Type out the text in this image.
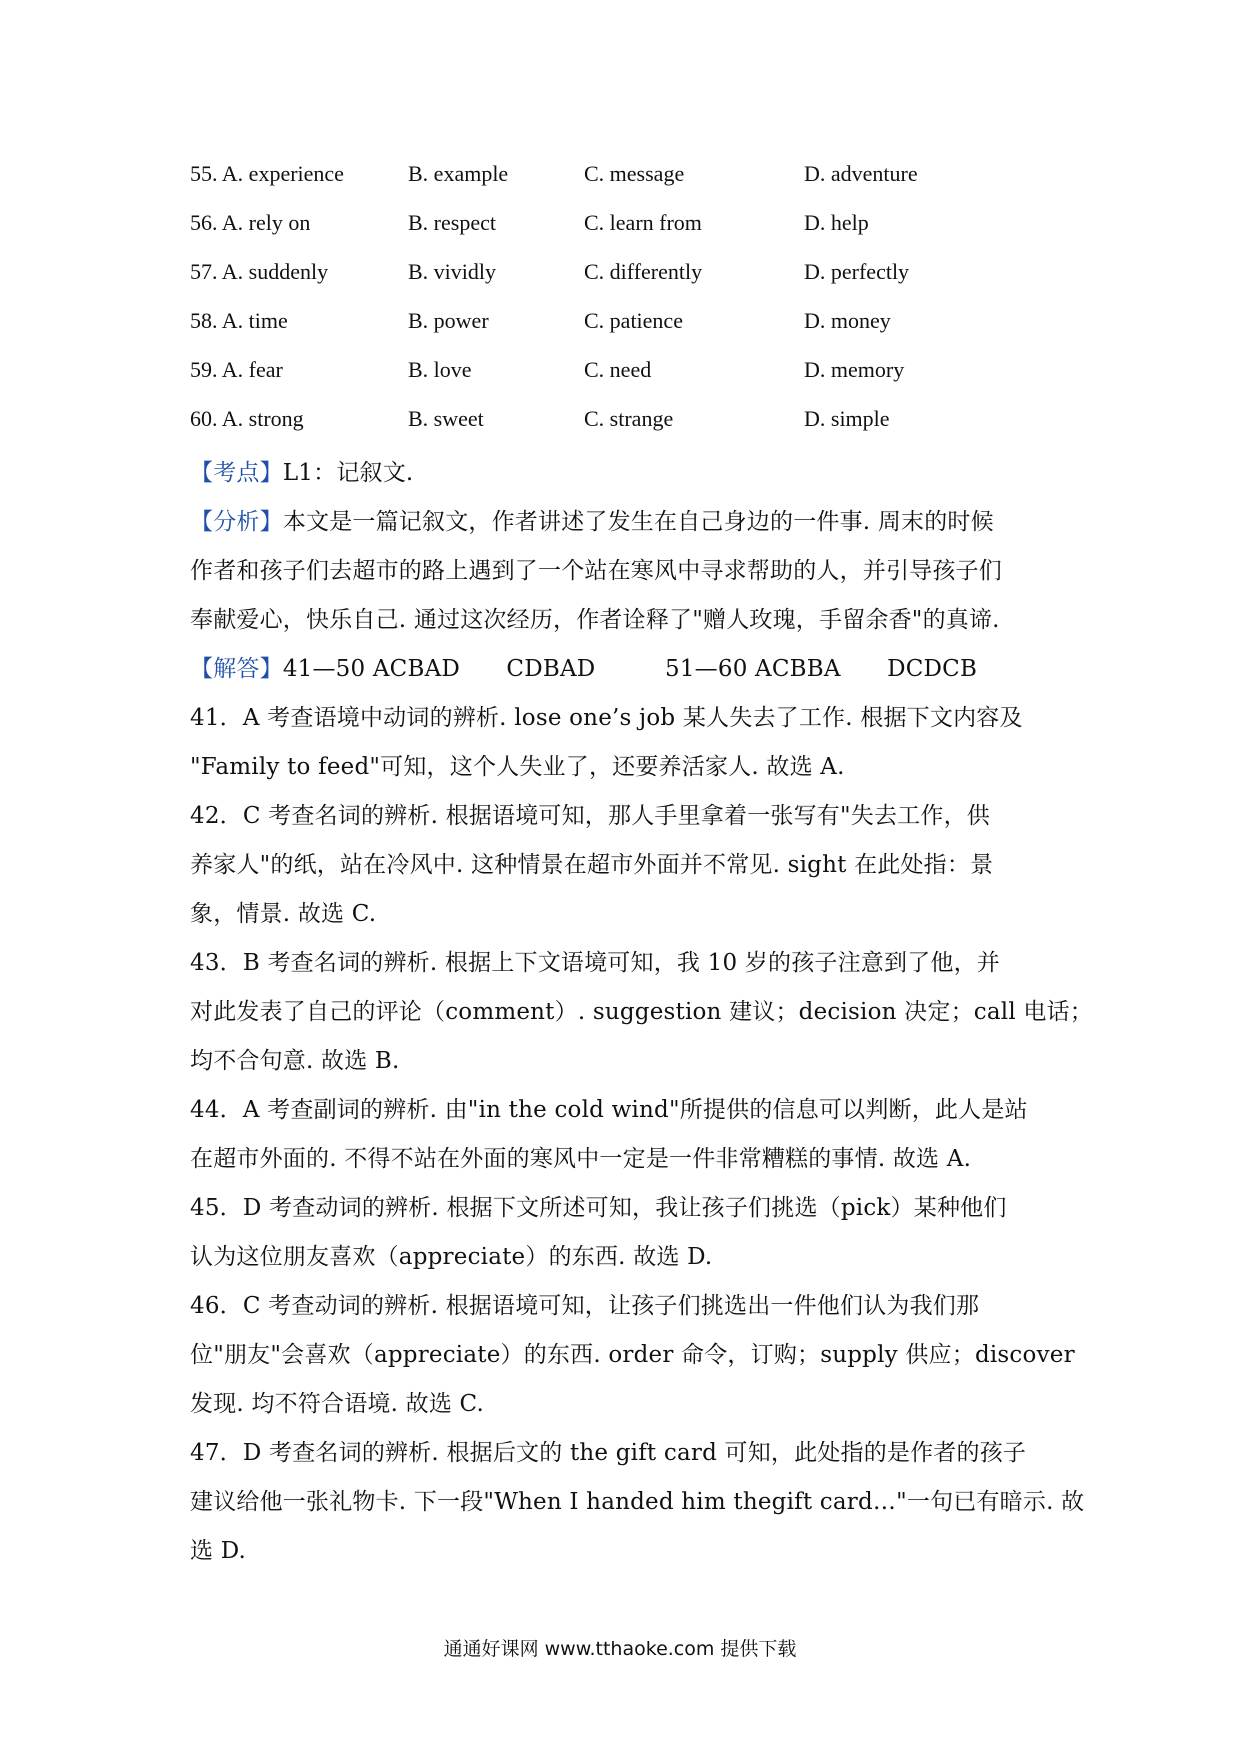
55. A. experience	B. example	C. message	D. adventure
56. A. rely on	B. respect	C. learn from	D. help
57. A. suddenly	B. vividly	C. differently	D. perfectly
58. A. time	B. power	C. patience	D. money
59. A. fear	B. love	C. need	D. memory
60. A. strong	B. sweet	C. strange	D. simple
【考点】L1：记叙文.
【分析】本文是一篇记叙文，作者讲述了发生在自己身边的一件事. 周末的时候
作者和孩子们去超市的路上遇到了一个站在寒风中寻求帮助的人，并引导孩子们
奉献爱心，快乐自己. 通过这次经历，作者诠释了"赠人玫瑰，手留余香"的真谛.
【解答】41—50 ACBAD　　CDBAD　　　51—60 ACBBA　　DCDCB
41．A 考查语境中动词的辨析. lose one’s job 某人失去了工作. 根据下文内容及
"Family to feed"可知，这个人失业了，还要养活家人. 故选 A.
42．C 考查名词的辨析. 根据语境可知，那人手里拿着一张写有"失去工作，供
养家人"的纸，站在冷风中. 这种情景在超市外面并不常见. sight 在此处指：景
象，情景. 故选 C.
43．B 考查名词的辨析. 根据上下文语境可知，我 10 岁的孩子注意到了他，并
对此发表了自己的评论（comment）. suggestion 建议；decision 决定；call 电话；
均不合句意. 故选 B.
44．A 考查副词的辨析. 由"in the cold wind"所提供的信息可以判断，此人是站
在超市外面的. 不得不站在外面的寒风中一定是一件非常糟糕的事情. 故选 A.
45．D 考查动词的辨析. 根据下文所述可知，我让孩子们挑选（pick）某种他们
认为这位朋友喜欢（appreciate）的东西. 故选 D.
46．C 考查动词的辨析. 根据语境可知，让孩子们挑选出一件他们认为我们那
位"朋友"会喜欢（appreciate）的东西. order 命令，订购；supply 供应；discover
发现. 均不符合语境. 故选 C.
47．D 考查名词的辨析. 根据后文的 the gift card 可知，此处指的是作者的孩子
建议给他一张礼物卡. 下一段"When I handed him thegift card…"一句已有暗示. 故
选 D.
通通好课网 www.tthaoke.com 提供下载
